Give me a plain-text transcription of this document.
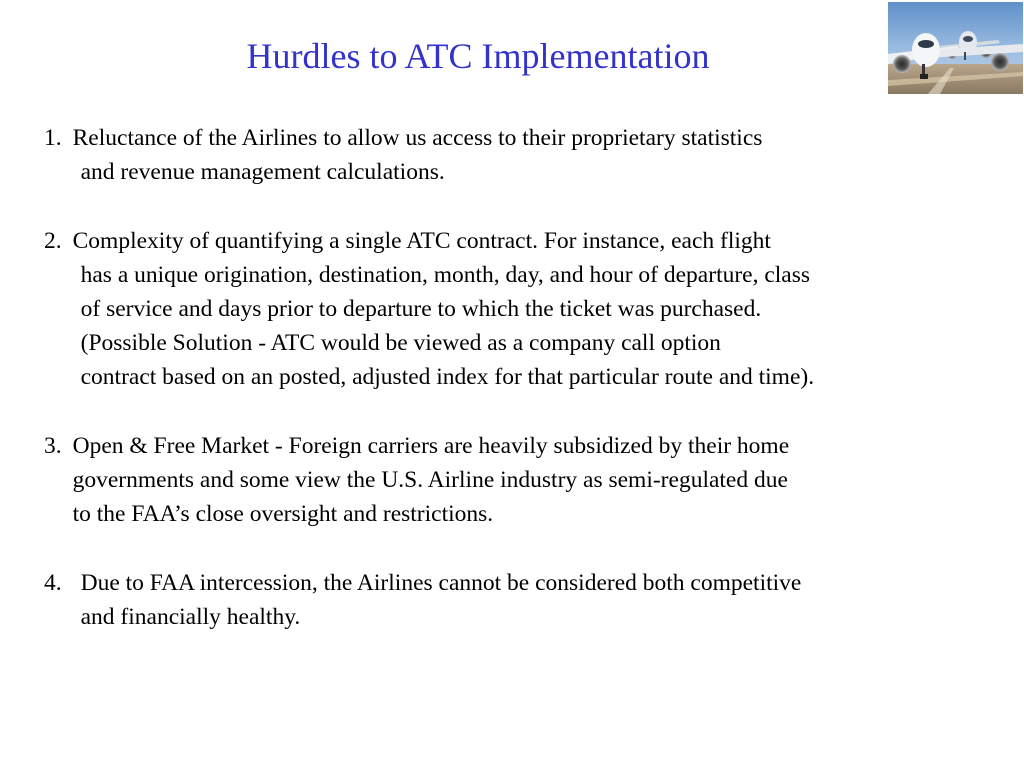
Hurdles to ATC Implementation
1. Reluctance of the Airlines to allow us access to their proprietary statistics
and revenue management calculations.
2. Complexity of quantifying a single ATC contract. For instance, each flight
has a unique origination, destination, month, day, and hour of departure, class
of service and days prior to departure to which the ticket was purchased.
(Possible Solution - ATC would be viewed as a company call option
contract based on an posted, adjusted index for that particular route and time).
3. Open & Free Market - Foreign carriers are heavily subsidized by their home
governments and some view the U.S. Airline industry as semi-regulated due
to the FAA’s close oversight and restrictions.
4. Due to FAA intercession, the Airlines cannot be considered both competitive
and financially healthy.
